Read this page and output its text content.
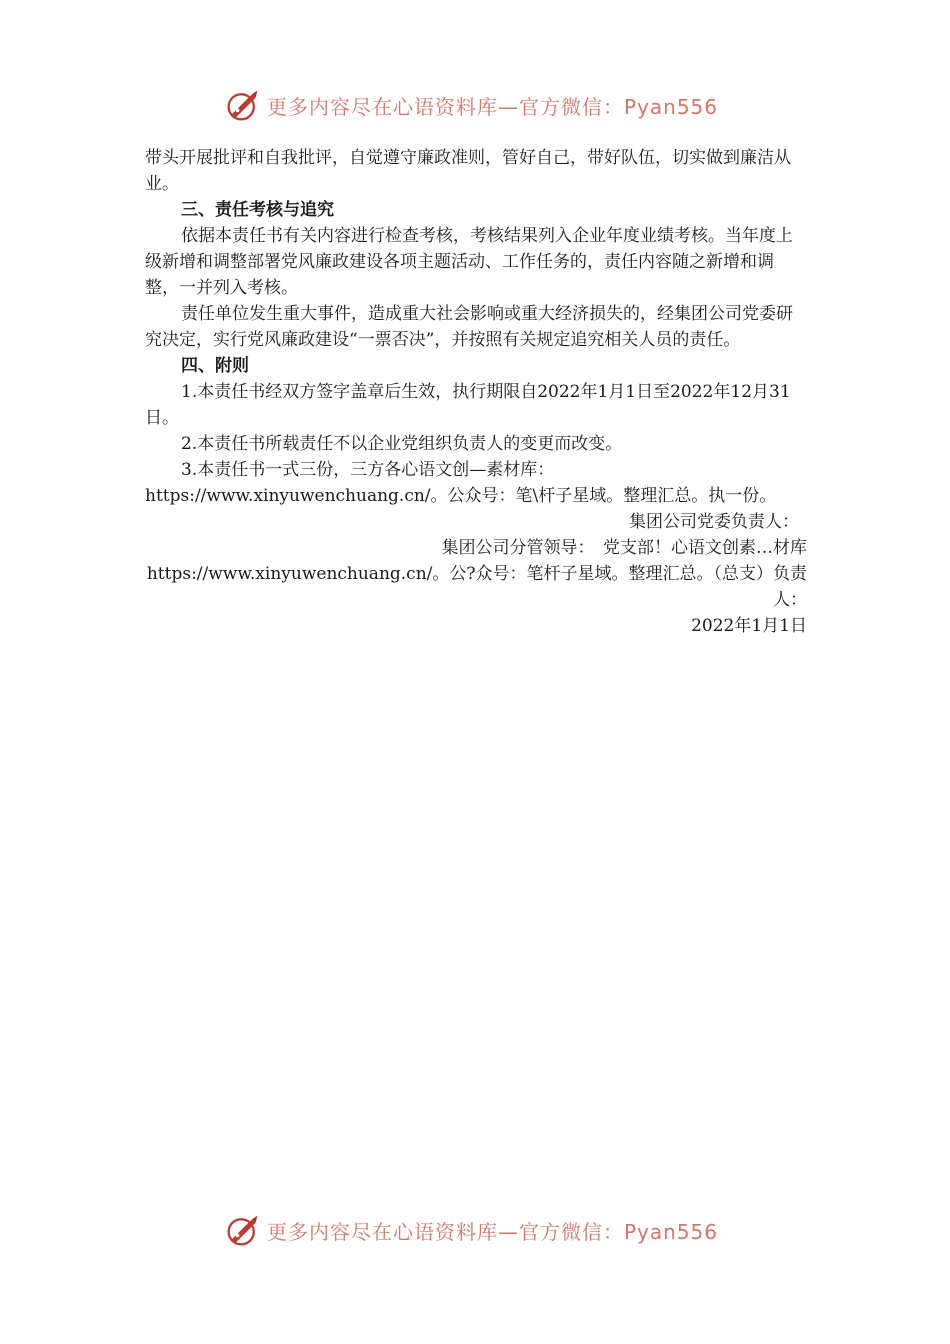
更多内容尽在心语资料库—官方微信：Pyan556

带头开展批评和自我批评，自觉遵守廉政准则，管好自己，带好队伍，切实做到廉洁从业。

三、责任考核与追究

依据本责任书有关内容进行检查考核，考核结果列入企业年度业绩考核。当年度上级新增和调整部署党风廉政建设各项主题活动、工作任务的，责任内容随之新增和调整，一并列入考核。

责任单位发生重大事件，造成重大社会影响或重大经济损失的，经集团公司党委研究决定，实行党风廉政建设“一票否决”，并按照有关规定追究相关人员的责任。

四、附则

1.本责任书经双方签字盖章后生效，执行期限自2022年1月1日至2022年12月31日。

2.本责任书所载责任不以企业党组织负责人的变更而改变。

3.本责任书一式三份，三方各心语文创—素材库：https://www.xinyuwenchuang.cn/。公众号：笔\杆子星域。整理汇总。执一份。

集团公司党委负责人：

集团公司分管领导：　党支部！心语文创素…材库https://www.xinyuwenchuang.cn/。公?众号：笔杆子星域。整理汇总。（总支）负责人：

2022年1月1日

更多内容尽在心语资料库—官方微信：Pyan556
